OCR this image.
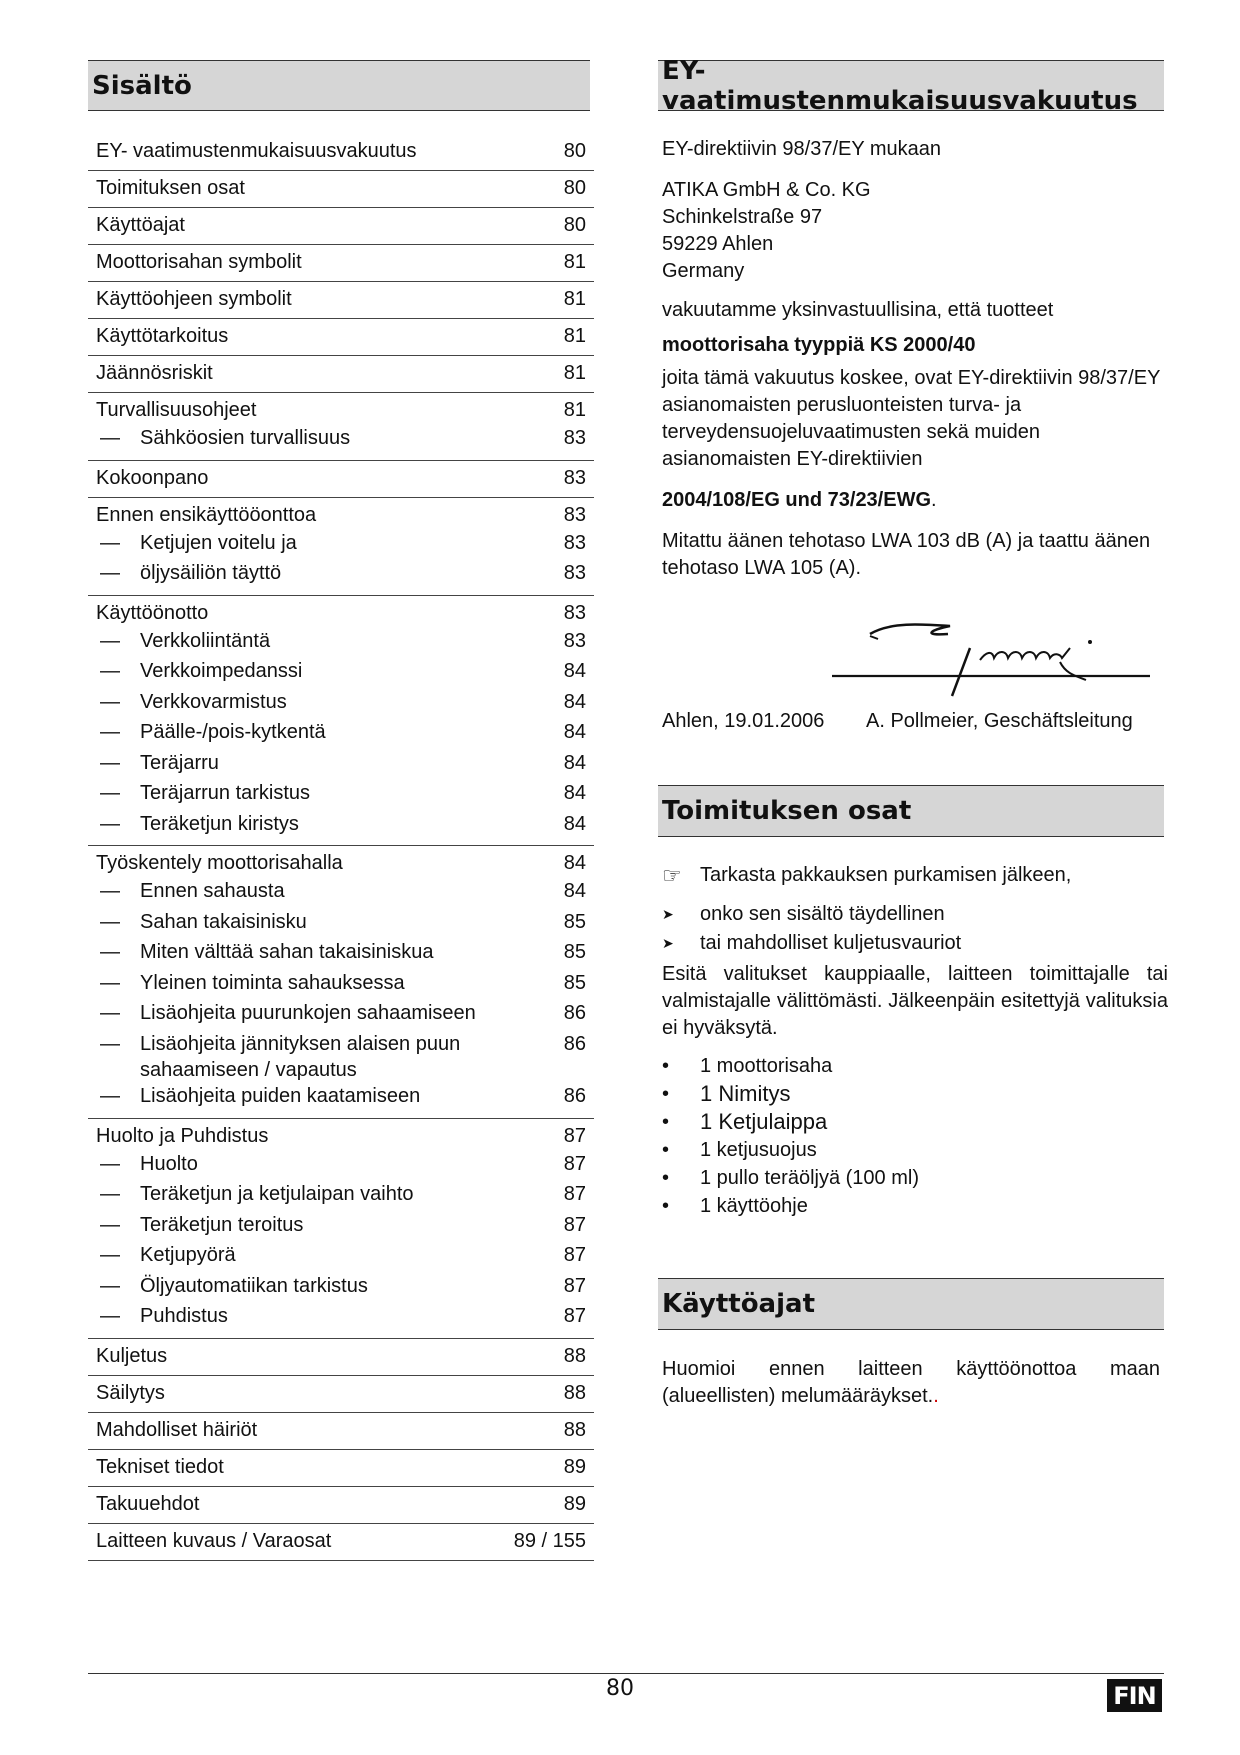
Sisältö
EY- vaatimustenmukaisuusvakuutus	80
Toimituksen osat	80
Käyttöajat	80
Moottorisahan symbolit	81
Käyttöohjeen symbolit	81
Käyttötarkoitus	81
Jäännösriskit	81
Turvallisuusohjeet	81
—	Sähköosien turvallisuus	83
Kokoonpano	83
Ennen ensikäyttööonttoa	83
—	Ketjujen voitelu ja	83
—	öljysäiliön täyttö	83
Käyttöönotto	83
—	Verkkoliintäntä	83
—	Verkkoimpedanssi	84
—	Verkkovarmistus	84
—	Päälle-/pois-kytkentä	84
—	Teräjarru	84
—	Teräjarrun tarkistus	84
—	Teräketjun kiristys	84
Työskentely moottorisahalla	84
—	Ennen sahausta	84
—	Sahan takaisinisku	85
—	Miten välttää sahan takaisiniskua	85
—	Yleinen toiminta sahauksessa	85
—	Lisäohjeita puurunkojen sahaamiseen	86
—	Lisäohjeita jännityksen alaisen puun
sahaamiseen / vapautus
86
—	Lisäohjeita puiden kaatamiseen	86
Huolto ja Puhdistus	87
—	Huolto	87
—	Teräketjun ja ketjulaipan vaihto	87
—	Teräketjun teroitus	87
—	Ketjupyörä	87
—	Öljyautomatiikan tarkistus	87
—	Puhdistus	87
Kuljetus	88
Säilytys	88
Mahdolliset häiriöt	88
Tekniset tiedot	89
Takuuehdot	89
Laitteen kuvaus / Varaosat	89 / 155
EY-vaatimustenmukaisuusvakuutus

EY-direktiivin 98/37/EY mukaan

ATIKA GmbH & Co. KG

Schinkelstraße 97

59229 Ahlen

Germany

vakuutamme yksinvastuullisina, että tuotteet

moottorisaha tyyppiä KS 2000/40

joita tämä vakuutus koskee, ovat EY-direktiivin 98/37/EY asianomaisten perusluonteisten turva- ja terveydensuojeluvaatimusten sekä muiden asianomaisten EY-direktiivien

2004/108/EG und 73/23/EWG.

Mitattu äänen tehotaso LWA 103 dB (A) ja taattu äänen tehotaso LWA 105 (A).

Ahlen, 19.01.2006	A. Pollmeier, Geschäftsleitung
Toimituksen osat
☞ Tarkasta pakkauksen purkamisen jälkeen,
➤	onko sen sisältö täydellinen
➤	tai mahdolliset kuljetusvauriot

Esitä valitukset kauppiaalle, laitteen toimittajalle tai valmistajalle välittömästi. Jälkeenpäin esitettyjä valituksia ei hyväksytä.

•	1 moottorisaha
•	1 Nimitys
•	1 Ketjulaippa
•	1 ketjusuojus
•	1 pullo teräöljyä (100 ml)
•	1 käyttöohje
Käyttöajat

Huomioi ennen laitteen käyttöönottoa maan (alueellisten) melumääräykset..

80	FIN
